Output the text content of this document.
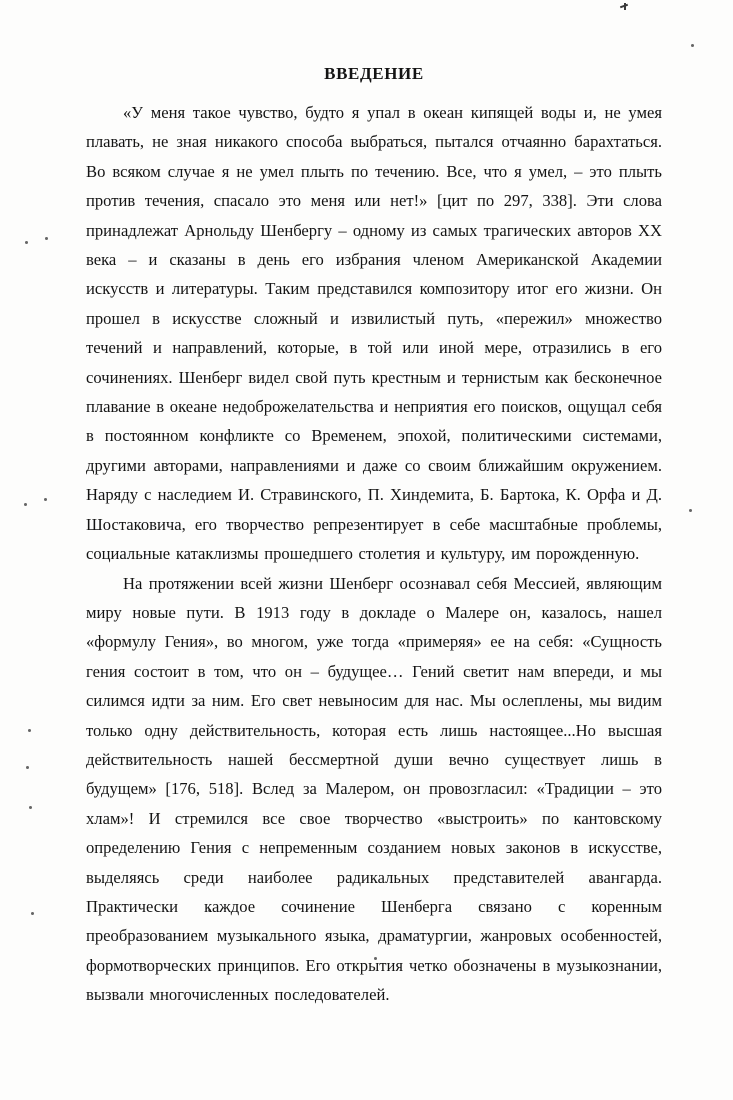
ВВЕДЕНИЕ

«У меня такое чувство, будто я упал в океан кипящей воды и, не умея плавать, не зная никакого способа выбраться, пытался отчаянно барахтаться. Во всяком случае я не умел плыть по течению. Все, что я умел, – это плыть против течения, спасало это меня или нет!» [цит по 297, 338]. Эти слова принадлежат Арнольду Шенбергу – одному из самых трагических авторов XX века – и сказаны в день его избрания членом Американской Академии искусств и литературы. Таким представился композитору итог его жизни. Он прошел в искусстве сложный и извилистый путь, «пережил» множество течений и направлений, которые, в той или иной мере, отразились в его сочинениях. Шенберг видел свой путь крестным и тернистым как бесконечное плавание в океане недоброжелательства и неприятия его поисков, ощущал себя в постоянном конфликте со Временем, эпохой, политическими системами, другими авторами, направлениями и даже со своим ближайшим окружением. Наряду с наследием И. Стравинского, П. Хиндемита, Б. Бартока, К. Орфа и Д. Шостаковича, его творчество репрезентирует в себе масштабные проблемы, социальные катаклизмы прошедшего столетия и культуру, им порожденную.

На протяжении всей жизни Шенберг осознавал себя Мессией, являющим миру новые пути. В 1913 году в докладе о Малере он, казалось, нашел «формулу Гения», во многом, уже тогда «примеряя» ее на себя: «Сущность гения состоит в том, что он – будущее… Гений светит нам впереди, и мы силимся идти за ним. Его свет невыносим для нас. Мы ослеплены, мы видим только одну действительность, которая есть лишь настоящее...Но высшая действительность нашей бессмертной души вечно существует лишь в будущем» [176, 518]. Вслед за Малером, он провозгласил: «Традиции – это хлам»! И стремился все свое творчество «выстроить» по кантовскому определению Гения с непременным созданием новых законов в искусстве, выделяясь среди наиболее радикальных представителей авангарда. Практически каждое сочинение Шенберга связано с коренным преобразованием музыкального языка, драматургии, жанровых особенностей, формотворческих принципов. Его открытия четко обозначены в музыкознании, вызвали многочисленных последователей.
